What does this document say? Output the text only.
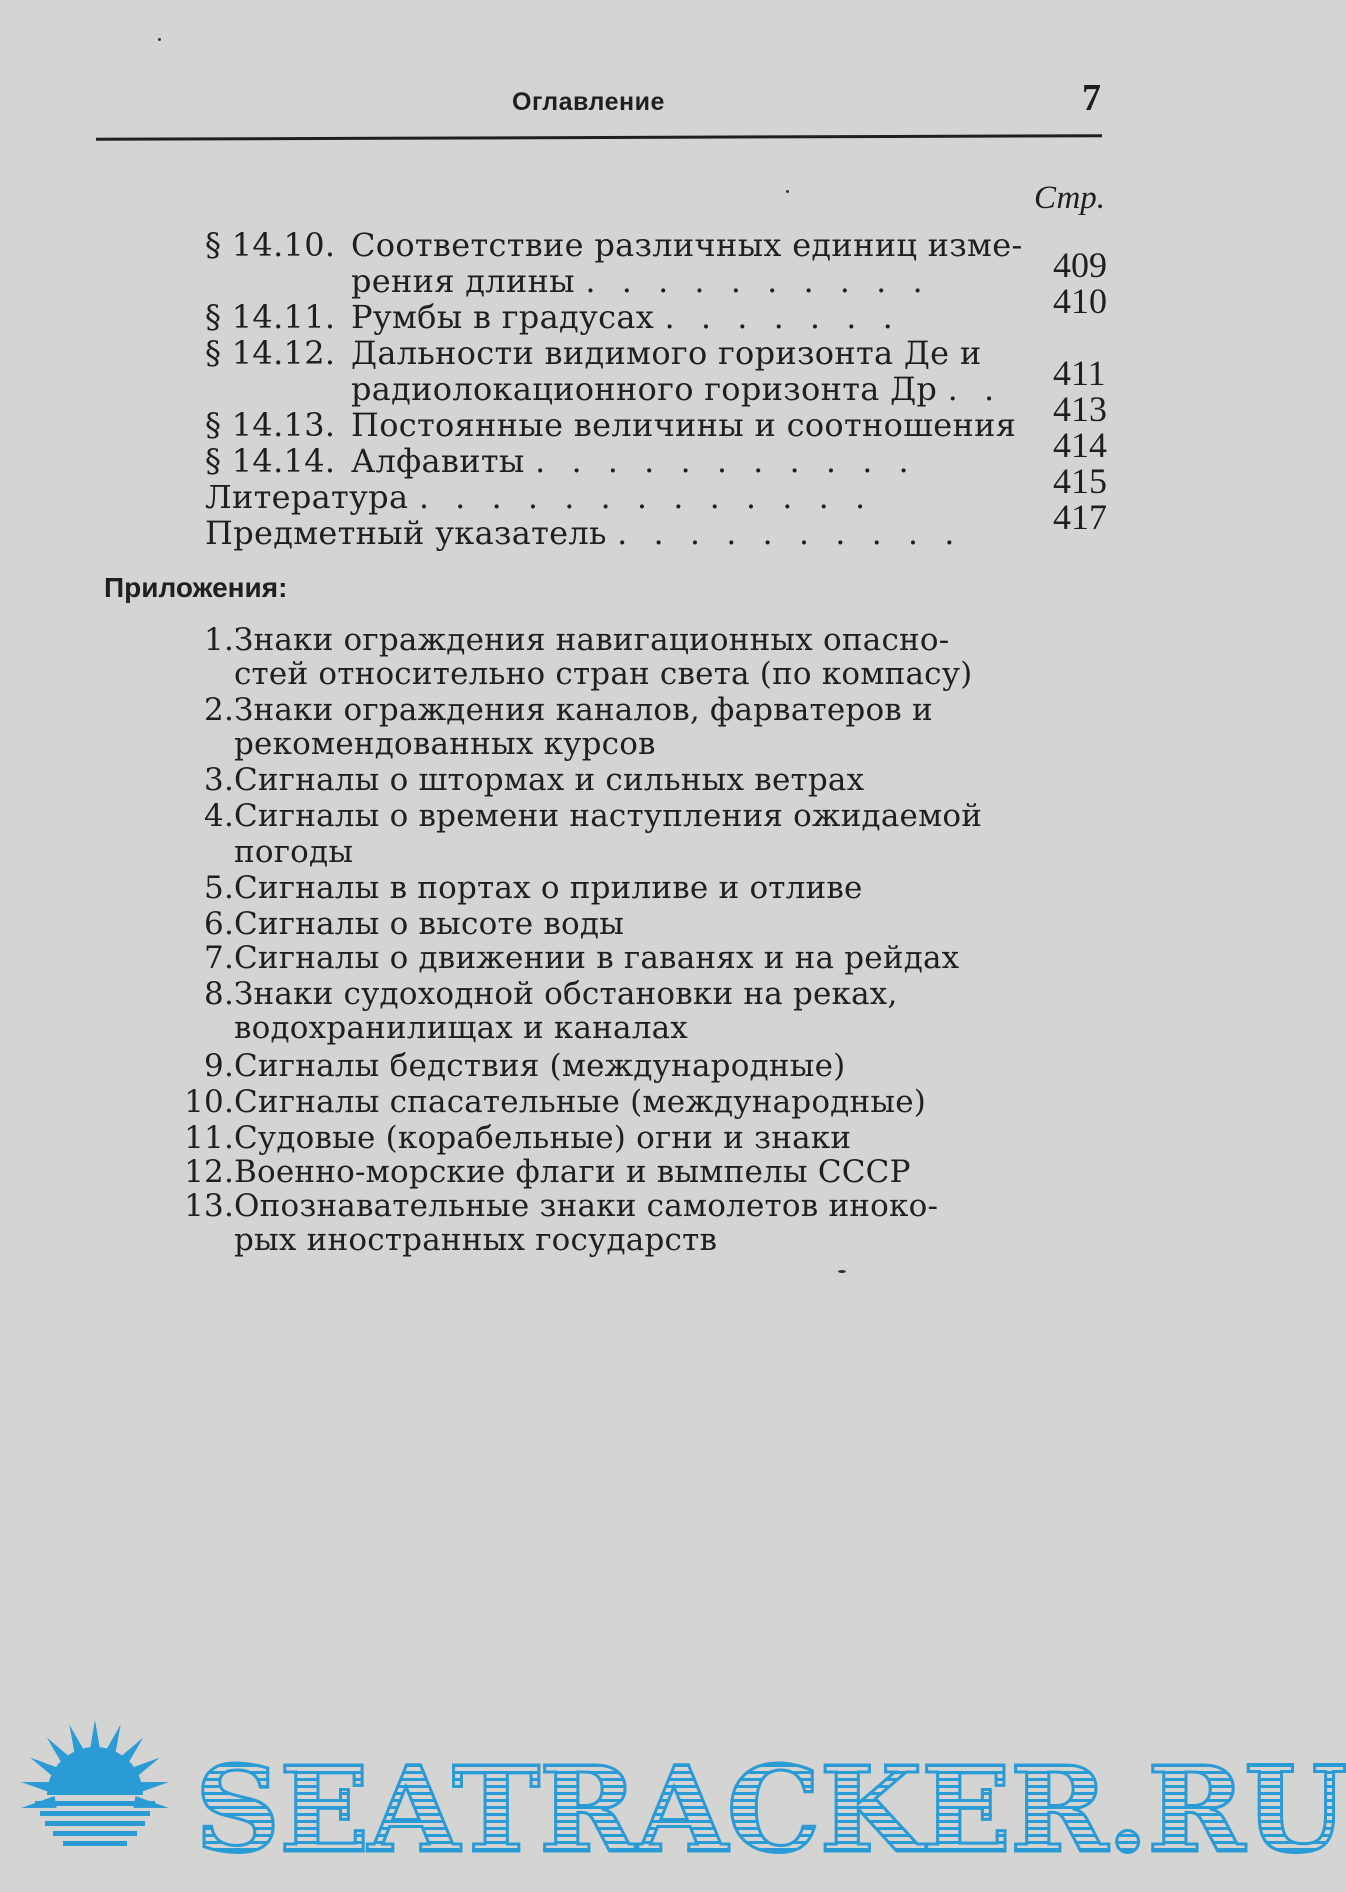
Оглавление	7
Стр.
§ 14.10. Соответствие различных единиц изме-
рения длины . . . . . . . . . .	409
§ 14.11. Румбы в градусах . . . . . . .	410
§ 14.12. Дальности видимого горизонта Де и
радиолокационного горизонта Др . . 411
§ 14.13. Постоянные величины и соотношения 413
§ 14.14. Алфавиты . . . . . . . . . . .	414
Литература . . . . . . . . . . . . .	415
Предметный указатель . . . . . . . . . .	417
Приложения:
1. Знаки ограждения навигационных опасно-
стей относительно стран света (по компасу)
2. Знаки ограждения каналов, фарватеров и
рекомендованных курсов
3. Сигналы о штормах и сильных ветрах
4. Сигналы о времени наступления ожидаемой
погоды
5. Сигналы в портах о приливе и отливе
6. Сигналы о высоте воды
7. Сигналы о движении в гаванях и на рейдах
8. Знаки судоходной обстановки на реках,
водохранилищах и каналах
9. Сигналы бедствия (международные)
10. Сигналы спасательные (международные)
11. Судовые (корабельные) огни и знаки
12. Военно-морские флаги и вымпелы СССР
13. Опознавательные знаки самолетов иноко-
рых иностранных государств
SEATRACKER.RU
